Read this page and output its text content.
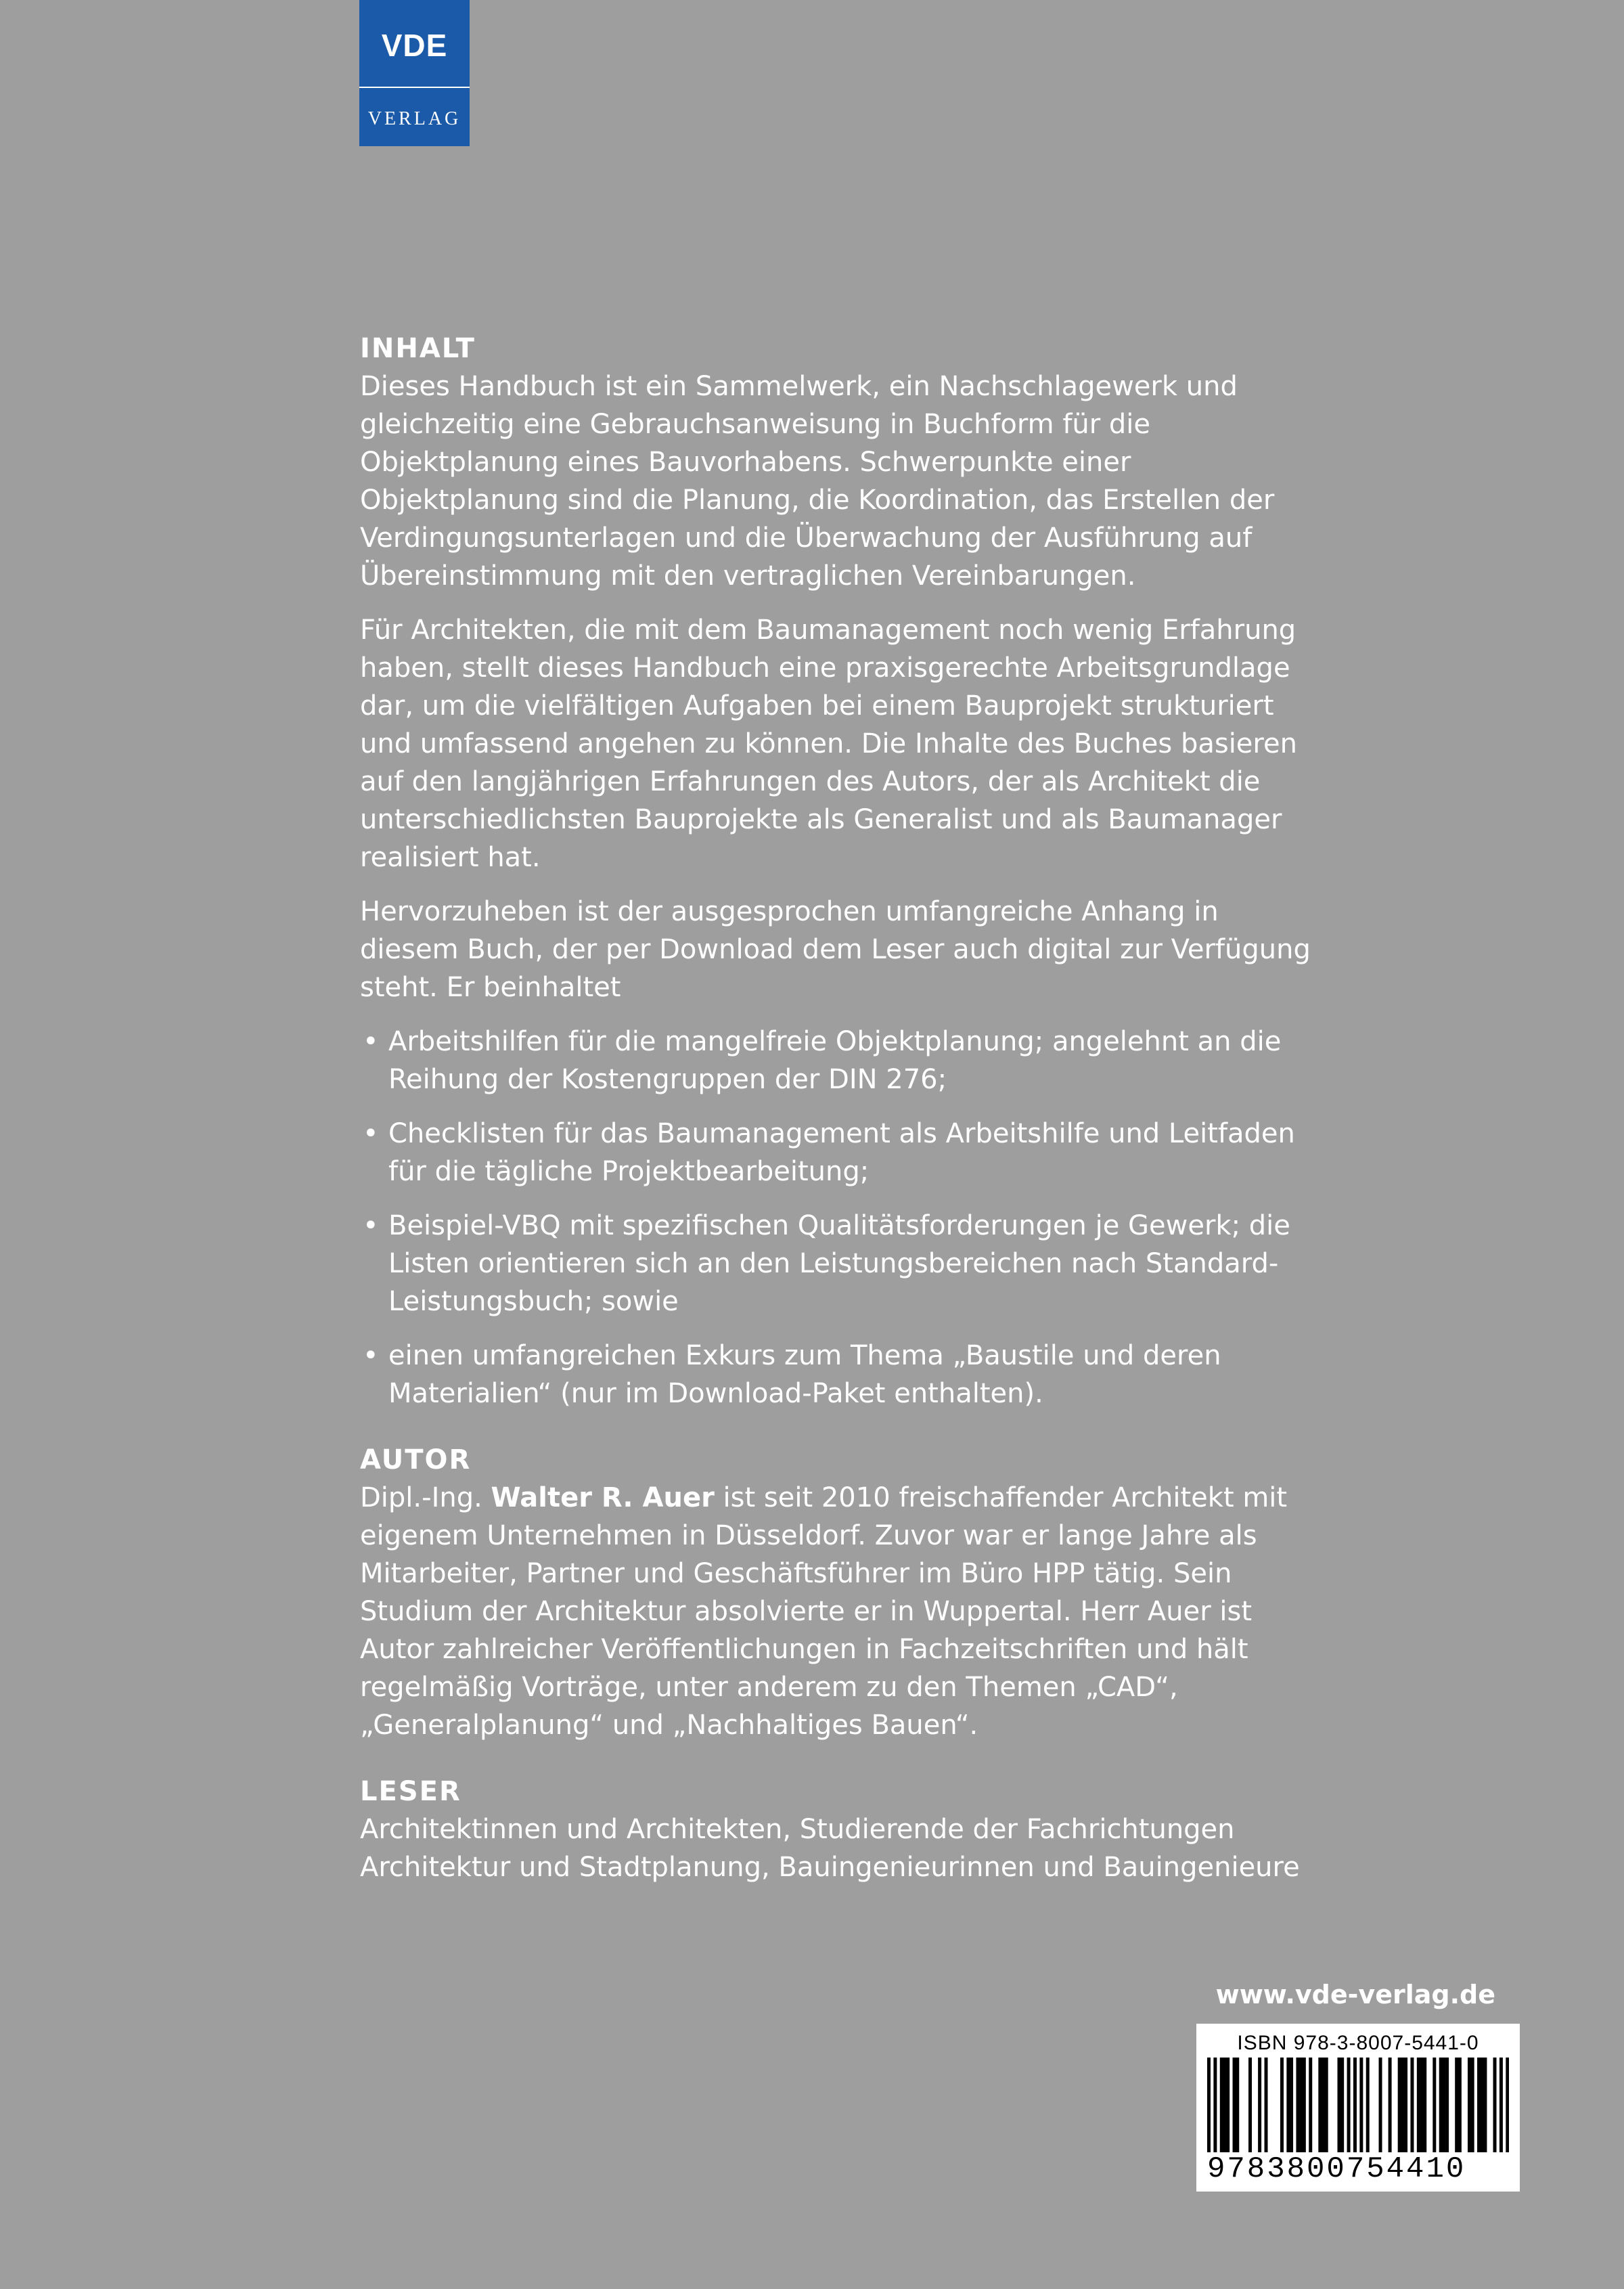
VDE
VERLAG
INHALT

Dieses Handbuch ist ein Sammelwerk, ein Nachschlagewerk und gleichzeitig eine Gebrauchsanweisung in Buchform für die Objektplanung eines Bauvorhabens. Schwerpunkte einer Objektplanung sind die Planung, die Koordination, das Erstellen der Verdingungsunterlagen und die Überwachung der Ausführung auf Übereinstimmung mit den vertraglichen Vereinbarungen.

Für Architekten, die mit dem Baumanagement noch wenig Erfahrung haben, stellt dieses Handbuch eine praxisgerechte Arbeitsgrundlage dar, um die vielfältigen Aufgaben bei einem Bauprojekt strukturiert und umfassend angehen zu können. Die Inhalte des Buches basieren auf den langjährigen Erfahrungen des Autors, der als Architekt die unterschiedlichsten Bauprojekte als Generalist und als Baumanager realisiert hat.

Hervorzuheben ist der ausgesprochen umfangreiche Anhang in diesem Buch, der per Download dem Leser auch digital zur Verfügung steht. Er beinhaltet

• Arbeitshilfen für die mangelfreie Objektplanung; angelehnt an die Reihung der Kostengruppen der DIN 276;
• Checklisten für das Baumanagement als Arbeitshilfe und Leitfaden für die tägliche Projektbearbeitung;
• Beispiel-VBQ mit spezifischen Qualitätsforderungen je Gewerk; die Listen orientieren sich an den Leistungsbereichen nach Standard-Leistungsbuch; sowie
• einen umfangreichen Exkurs zum Thema „Baustile und deren Materialien“ (nur im Download-Paket enthalten).
AUTOR

Dipl.-Ing. Walter R. Auer ist seit 2010 freischaffender Architekt mit eigenem Unternehmen in Düsseldorf. Zuvor war er lange Jahre als Mitarbeiter, Partner und Geschäftsführer im Büro HPP tätig. Sein Studium der Architektur absolvierte er in Wuppertal. Herr Auer ist Autor zahlreicher Veröffentlichungen in Fachzeitschriften und hält regelmäßig Vorträge, unter anderem zu den Themen „CAD“, „Generalplanung“ und „Nachhaltiges Bauen“.

LESER

Architektinnen und Architekten, Studierende der Fachrichtungen Architektur und Stadtplanung, Bauingenieurinnen und Bauingenieure

www.vde-verlag.de
ISBN 978-3-8007-5441-0
9783800754410
